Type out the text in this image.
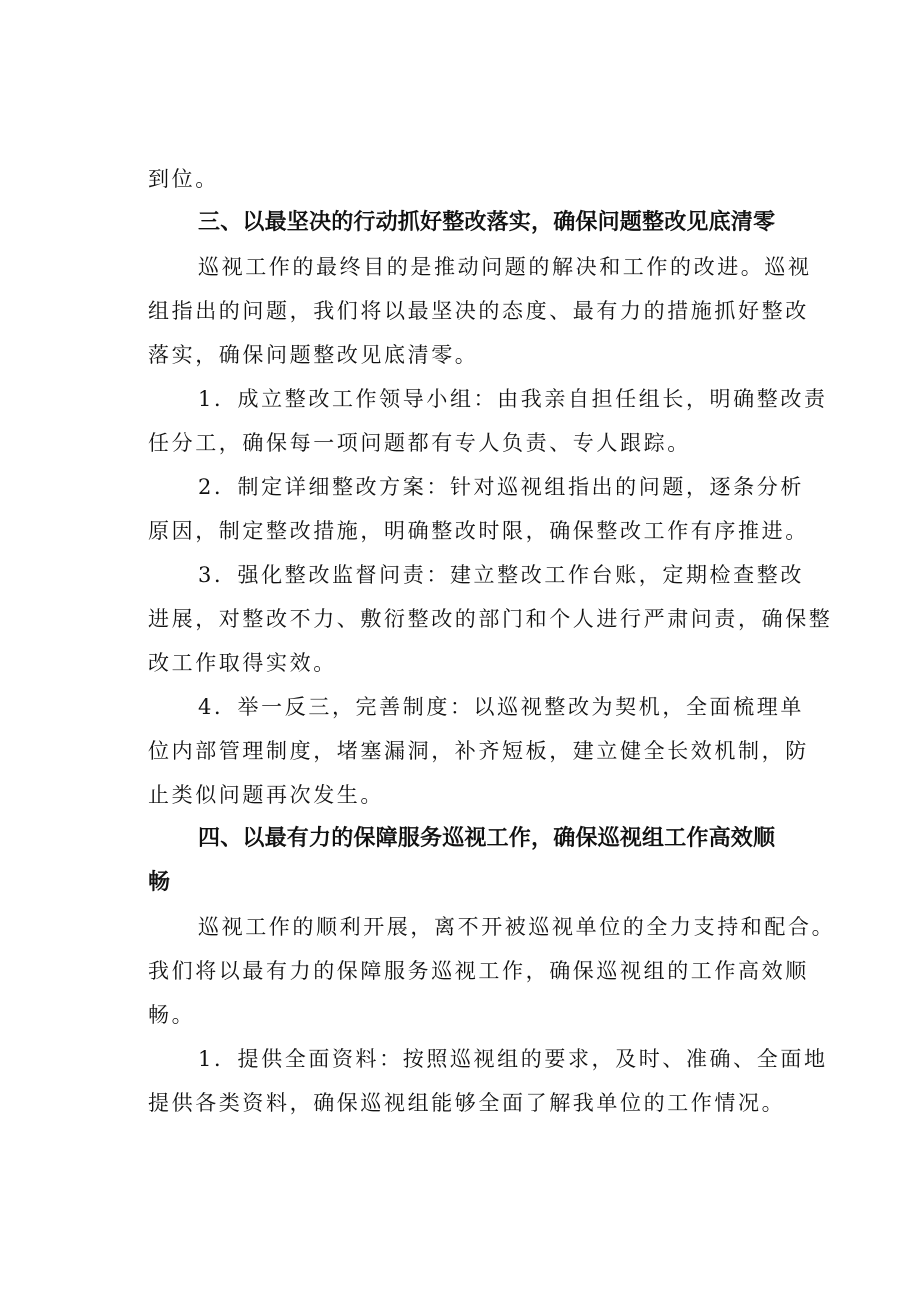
到位。

三、以最坚决的行动抓好整改落实，确保问题整改见底清零

巡视工作的最终目的是推动问题的解决和工作的改进。巡视
组指出的问题，我们将以最坚决的态度、最有力的措施抓好整改
落实，确保问题整改见底清零。

1．成立整改工作领导小组：由我亲自担任组长，明确整改责
任分工，确保每一项问题都有专人负责、专人跟踪。

2．制定详细整改方案：针对巡视组指出的问题，逐条分析
原因，制定整改措施，明确整改时限，确保整改工作有序推进。

3．强化整改监督问责：建立整改工作台账，定期检查整改
进展，对整改不力、敷衍整改的部门和个人进行严肃问责，确保整
改工作取得实效。

4．举一反三，完善制度：以巡视整改为契机，全面梳理单
位内部管理制度，堵塞漏洞，补齐短板，建立健全长效机制，防
止类似问题再次发生。

四、以最有力的保障服务巡视工作，确保巡视组工作高效顺
畅

巡视工作的顺利开展，离不开被巡视单位的全力支持和配合。
我们将以最有力的保障服务巡视工作，确保巡视组的工作高效顺
畅。

1．提供全面资料：按照巡视组的要求，及时、准确、全面地
提供各类资料，确保巡视组能够全面了解我单位的工作情况。
